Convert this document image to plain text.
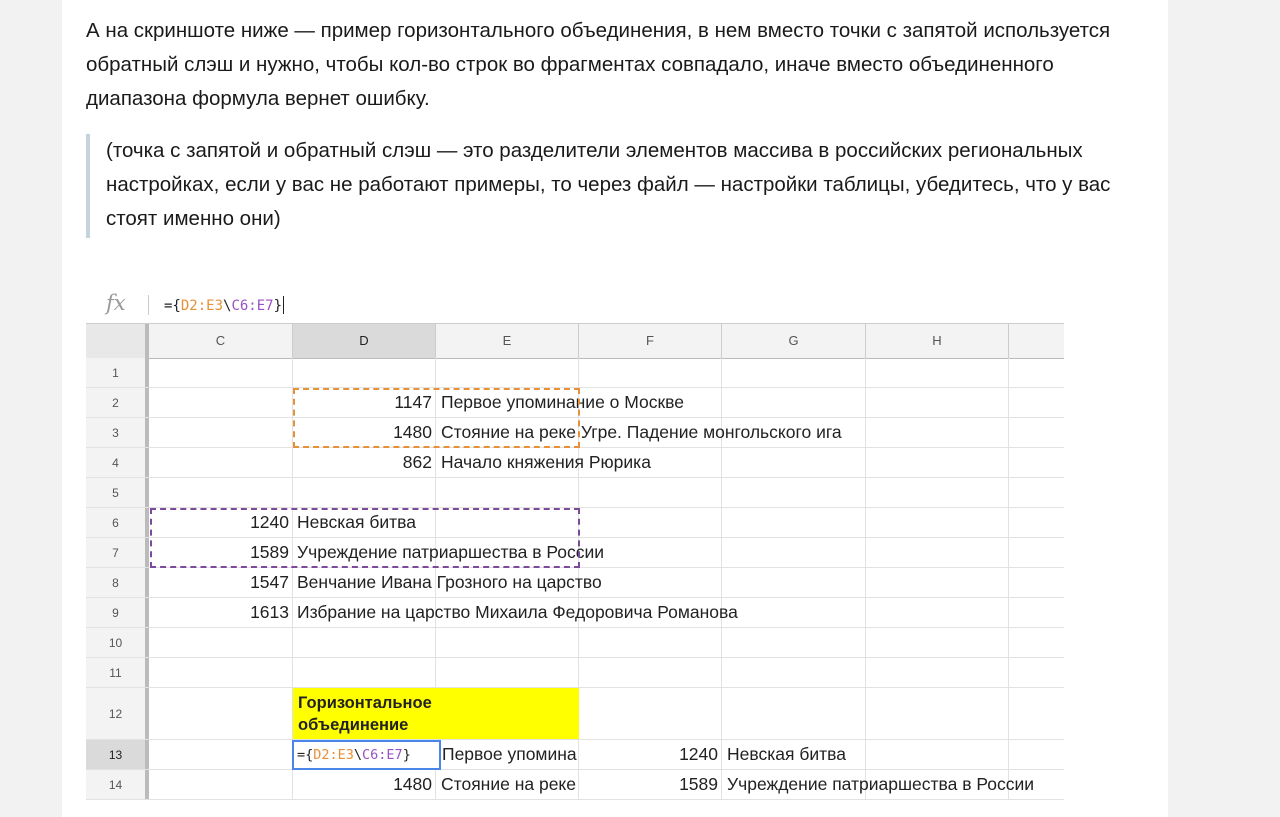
А на скриншоте ниже — пример горизонтального объединения, в нем вместо точки с запятой используется обратный слэш и нужно, чтобы кол-во строк во фрагментах совпадало, иначе вместо объединенного диапазона формула вернет ошибку.

(точка с запятой и обратный слэш — это разделители элементов массива в российских региональных настройках, если у вас не работают примеры, то через файл — настройки таблицы, убедитесь, что у вас стоят именно они)

fx	={D2:E3\C6:E7}
C	D	E	F	G	H
1
2	1147 Первое упоминание о Москве
3	1480 Стояние на реке Угре. Падение монгольского ига
4	862 Начало княжения Рюрика
5
6	1240 Невская битва
7	1589 Учреждение патриаршества в России
8	1547 Венчание Ивана Грозного на царство
9	1613 Избрание на царство Михаила Федоровича Романова
10
11
12
Горизонтальное
объединение
13	={ D2:E3 \ C6:E7 } Первое упомина	1240 Невская битва
14	1480 Стояние на реке	1589 Учреждение патриаршества в России
